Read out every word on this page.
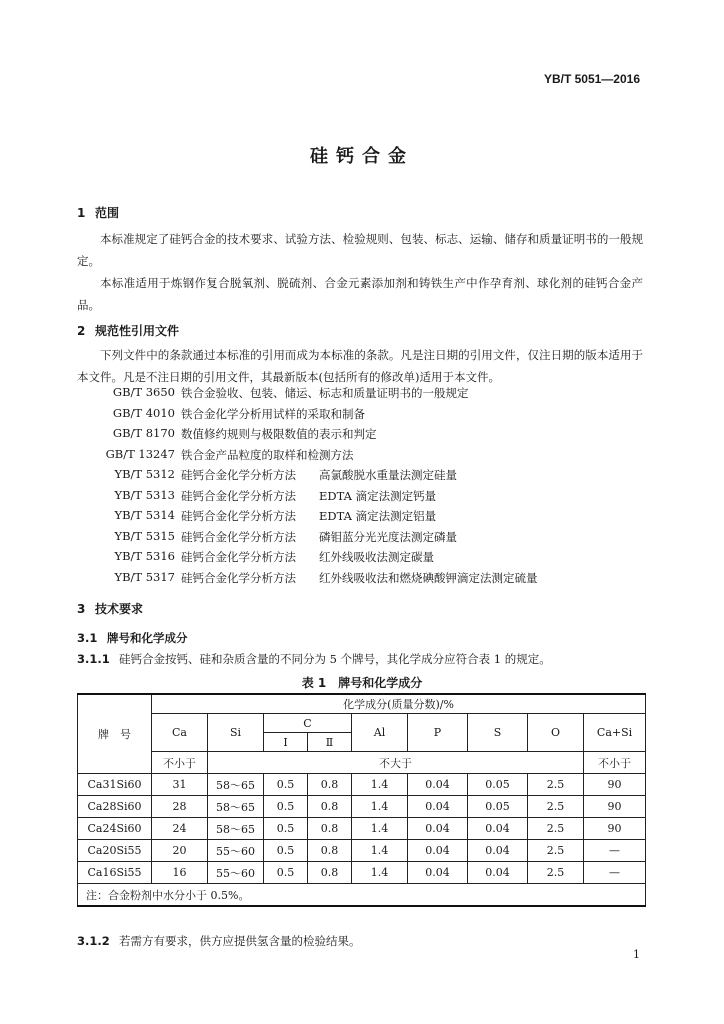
YB/T 5051—2016
硅钙合金
1 范围
本标准规定了硅钙合金的技术要求、试验方法、检验规则、包装、标志、运输、储存和质量证明书的一般规定。
本标准适用于炼钢作复合脱氧剂、脱硫剂、合金元素添加剂和铸铁生产中作孕育剂、球化剂的硅钙合金产品。
2 规范性引用文件
下列文件中的条款通过本标准的引用而成为本标准的条款。凡是注日期的引用文件，仅注日期的版本适用于本文件。凡是不注日期的引用文件，其最新版本(包括所有的修改单)适用于本文件。
GB/T 3650 铁合金验收、包装、储运、标志和质量证明书的一般规定
GB/T 4010 铁合金化学分析用试样的采取和制备
GB/T 8170 数值修约规则与极限数值的表示和判定
GB/T 13247 铁合金产品粒度的取样和检测方法
YB/T 5312 硅钙合金化学分析方法 高氯酸脱水重量法测定硅量
YB/T 5313 硅钙合金化学分析方法 EDTA 滴定法测定钙量
YB/T 5314 硅钙合金化学分析方法 EDTA 滴定法测定铝量
YB/T 5315 硅钙合金化学分析方法 磷钼蓝分光光度法测定磷量
YB/T 5316 硅钙合金化学分析方法 红外线吸收法测定碳量
YB/T 5317 硅钙合金化学分析方法 红外线吸收法和燃烧碘酸钾滴定法测定硫量
3 技术要求
3.1 牌号和化学成分
3.1.1 硅钙合金按钙、硅和杂质含量的不同分为 5 个牌号，其化学成分应符合表 1 的规定。
表 1　牌号和化学成分
牌　号	化学成分(质量分数)/%								
	Ca	Si	C		Al	P	S	O	Ca+Si
			Ⅰ	Ⅱ					
	不小于	不大于							不小于
Ca31Si60	31	58～65	0.5	0.8	1.4	0.04	0.05	2.5	90
Ca28Si60	28	58～65	0.5	0.8	1.4	0.04	0.05	2.5	90
Ca24Si60	24	58～65	0.5	0.8	1.4	0.04	0.04	2.5	90
Ca20Si55	20	55～60	0.5	0.8	1.4	0.04	0.04	2.5	—
Ca16Si55	16	55～60	0.5	0.8	1.4	0.04	0.04	2.5	—
注：合金粉剂中水分小于 0.5%。									
3.1.2 若需方有要求，供方应提供氢含量的检验结果。
1
